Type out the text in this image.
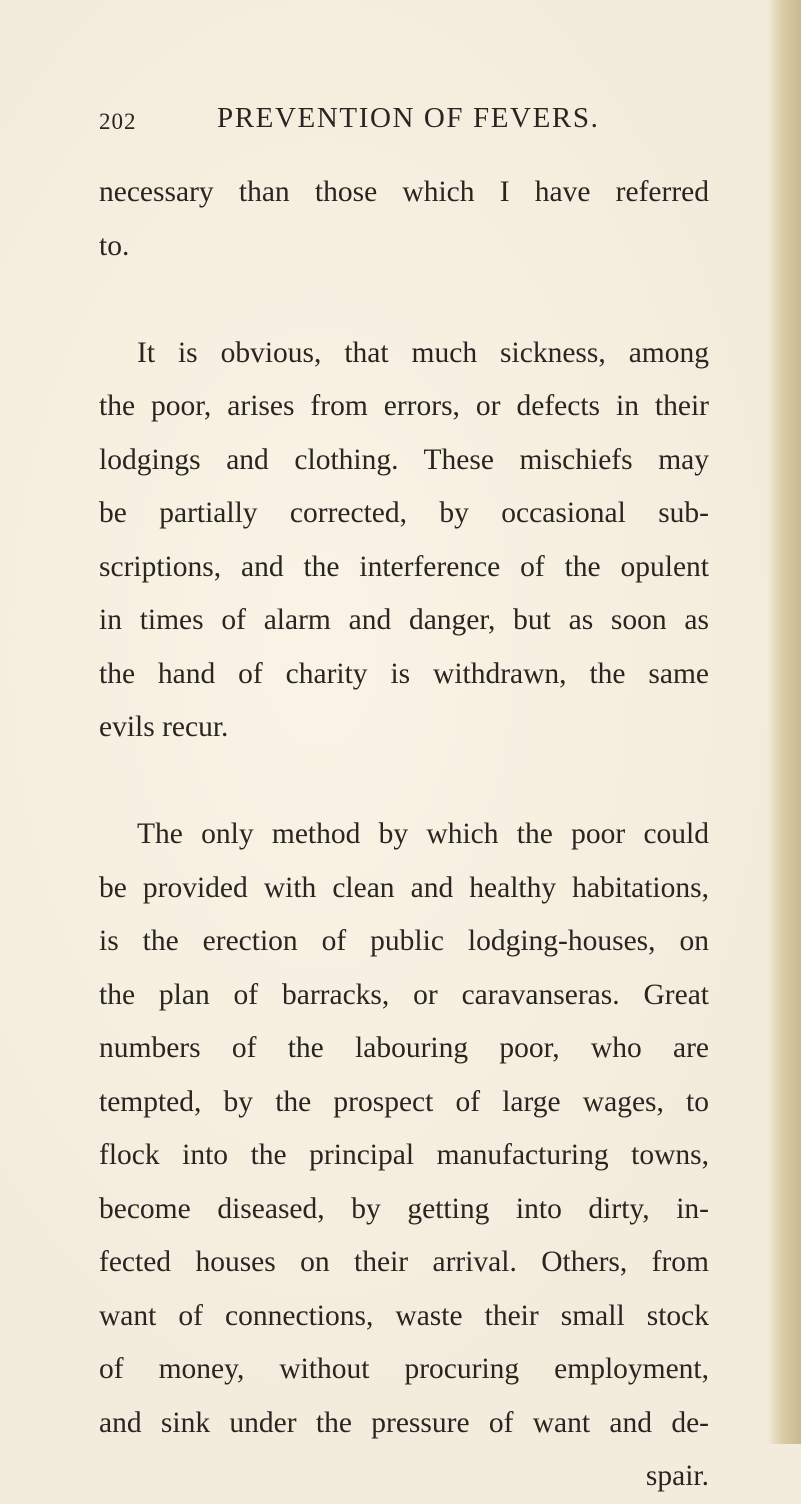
202	PREVENTION OF FEVERS.
necessary than those which I have referred
to.
It is obvious, that much sickness, among
the poor, arises from errors, or defects in their
lodgings and clothing. These mischiefs may
be partially corrected, by occasional sub-
scriptions, and the interference of the opulent
in times of alarm and danger, but as soon as
the hand of charity is withdrawn, the same
evils recur.
The only method by which the poor could
be provided with clean and healthy habitations,
is the erection of public lodging-houses, on
the plan of barracks, or caravanseras. Great
numbers of the labouring poor, who are
tempted, by the prospect of large wages, to
flock into the principal manufacturing towns,
become diseased, by getting into dirty, in-
fected houses on their arrival. Others, from
want of connections, waste their small stock
of money, without procuring employment,
and sink under the pressure of want and de-
spair.
